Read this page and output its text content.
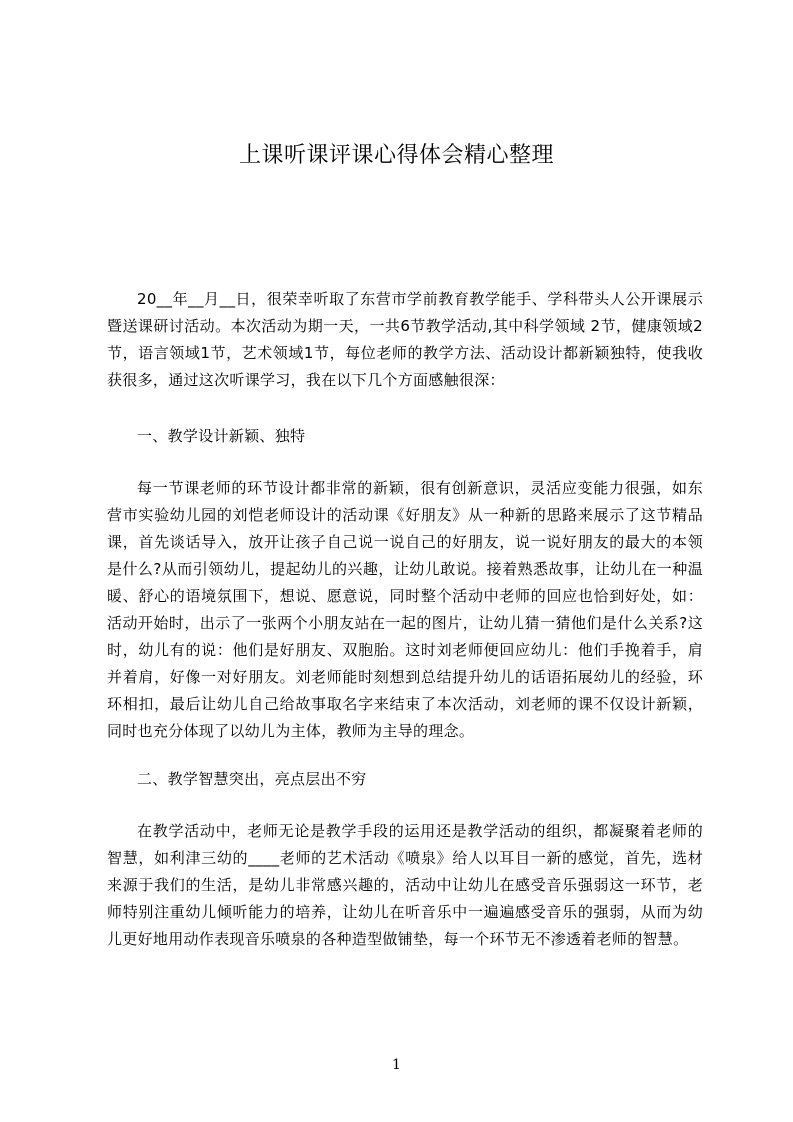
上课听课评课心得体会精心整理

20__年__月__日，很荣幸听取了东营市学前教育教学能手、学科带头人公开课展示暨送课研讨活动。本次活动为期一天，一共6节教学活动,其中科学领域 2节，健康领域2节，语言领域1节，艺术领域1节，每位老师的教学方法、活动设计都新颖独特，使我收获很多，通过这次听课学习，我在以下几个方面感触很深：

一、教学设计新颖、独特

每一节课老师的环节设计都非常的新颖，很有创新意识，灵活应变能力很强，如东营市实验幼儿园的刘恺老师设计的活动课《好朋友》从一种新的思路来展示了这节精品课，首先谈话导入，放开让孩子自己说一说自己的好朋友，说一说好朋友的最大的本领是什么?从而引领幼儿，提起幼儿的兴趣，让幼儿敢说。接着熟悉故事，让幼儿在一种温暖、舒心的语境氛围下，想说、愿意说，同时整个活动中老师的回应也恰到好处，如：活动开始时，出示了一张两个小朋友站在一起的图片，让幼儿猜一猜他们是什么关系?这时，幼儿有的说：他们是好朋友、双胞胎。这时刘老师便回应幼儿：他们手挽着手，肩并着肩，好像一对好朋友。刘老师能时刻想到总结提升幼儿的话语拓展幼儿的经验，环环相扣，最后让幼儿自己给故事取名字来结束了本次活动，刘老师的课不仅设计新颖，同时也充分体现了以幼儿为主体，教师为主导的理念。

二、教学智慧突出，亮点层出不穷

在教学活动中，老师无论是教学手段的运用还是教学活动的组织，都凝聚着老师的智慧，如利津三幼的____老师的艺术活动《喷泉》给人以耳目一新的感觉，首先，选材来源于我们的生活，是幼儿非常感兴趣的，活动中让幼儿在感受音乐强弱这一环节，老师特别注重幼儿倾听能力的培养，让幼儿在听音乐中一遍遍感受音乐的强弱，从而为幼儿更好地用动作表现音乐喷泉的各种造型做铺垫，每一个环节无不渗透着老师的智慧。

1
